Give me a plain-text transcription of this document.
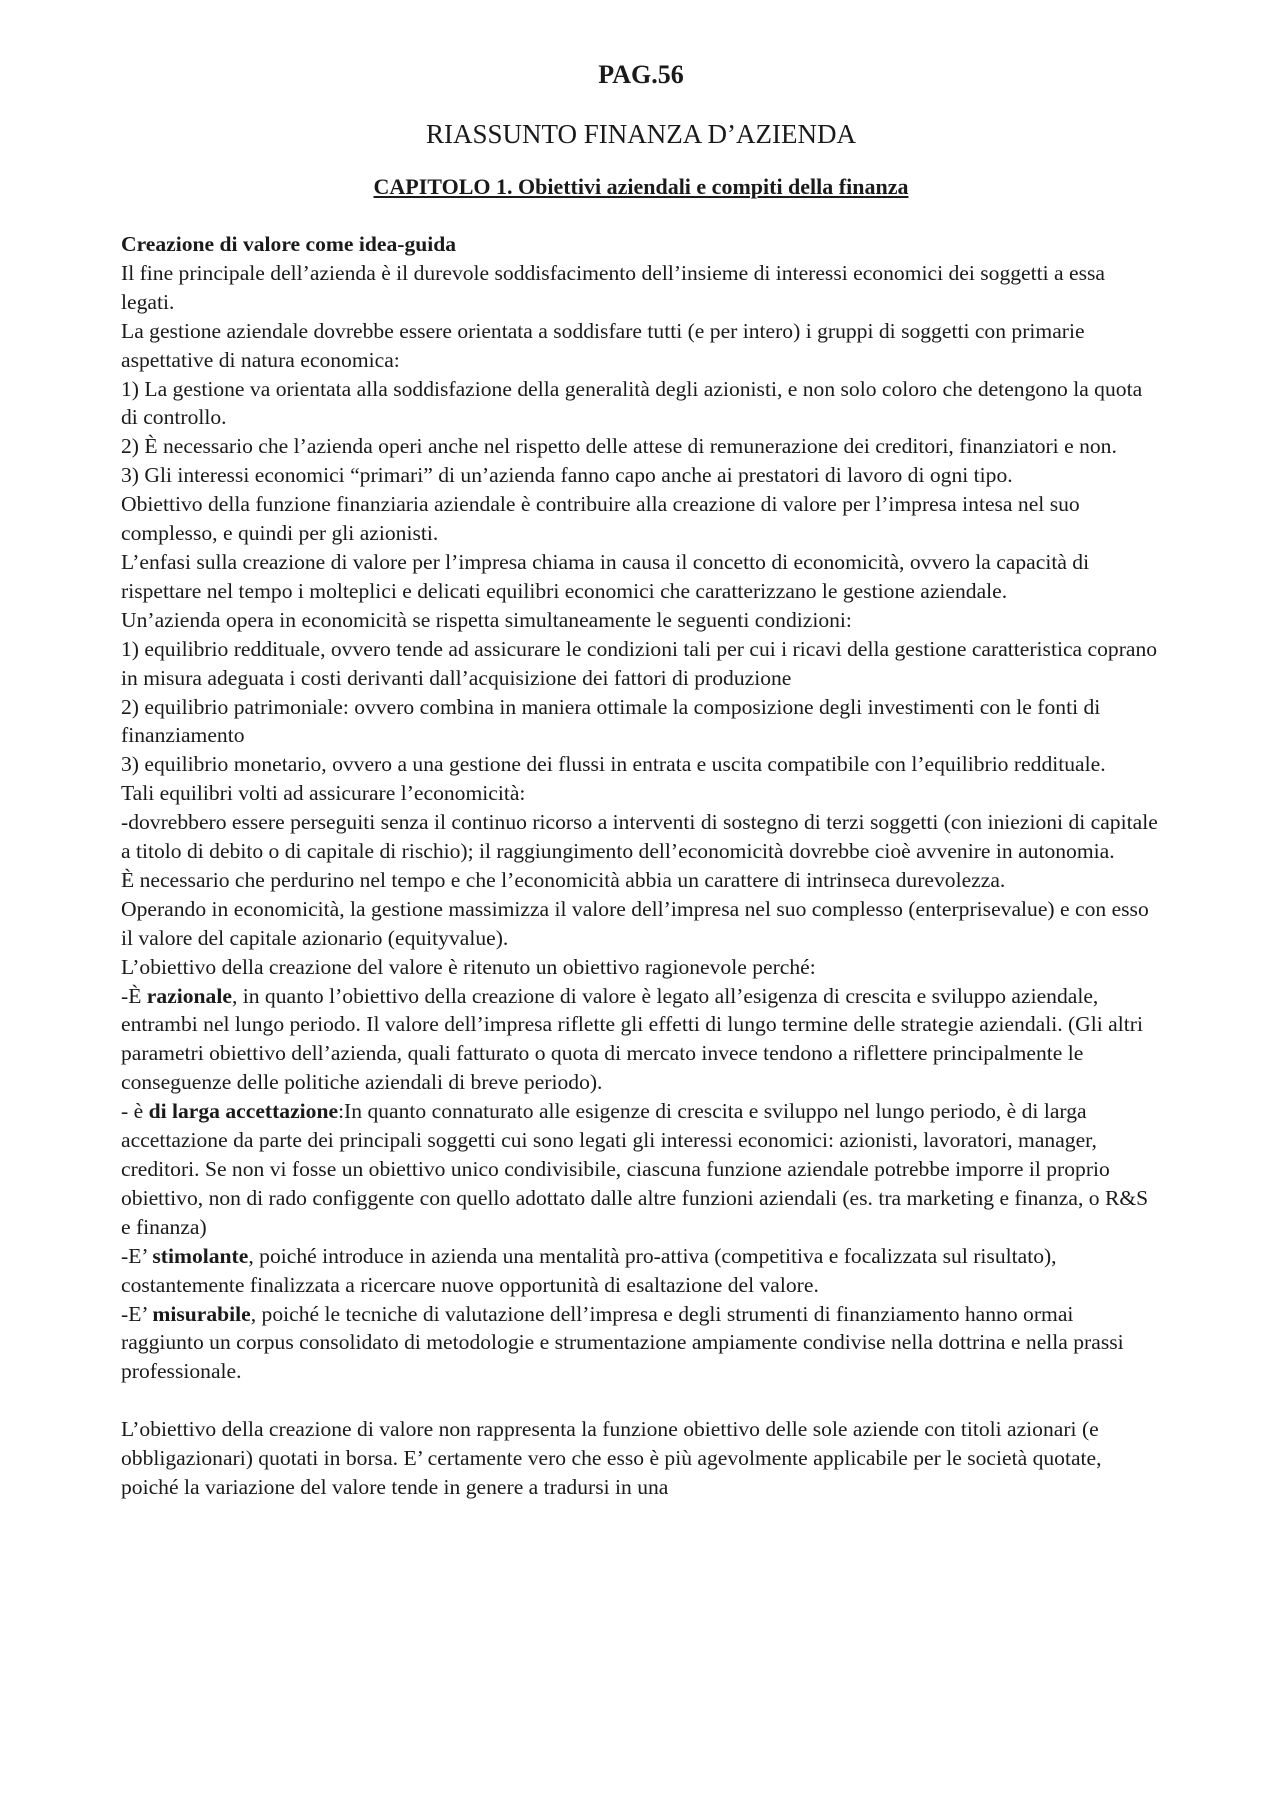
PAG.56
RIASSUNTO FINANZA D’AZIENDA
CAPITOLO 1. Obiettivi aziendali e compiti della finanza

Creazione di valore come idea-guida

Il fine principale dell’azienda è il durevole soddisfacimento dell’insieme di interessi economici dei soggetti a essa legati.

La gestione aziendale dovrebbe essere orientata a soddisfare tutti (e per intero) i gruppi di soggetti con primarie aspettative di natura economica:

1) La gestione va orientata alla soddisfazione della generalità degli azionisti, e non solo coloro che detengono la quota di controllo.

2) È necessario che l’azienda operi anche nel rispetto delle attese di remunerazione dei creditori, finanziatori e non.

3) Gli interessi economici “primari” di un’azienda fanno capo anche ai prestatori di lavoro di ogni tipo.

Obiettivo della funzione finanziaria aziendale è contribuire alla creazione di valore per l’impresa intesa nel suo complesso, e quindi per gli azionisti.

L’enfasi sulla creazione di valore per l’impresa chiama in causa il concetto di economicità, ovvero la capacità di rispettare nel tempo i molteplici e delicati equilibri economici che caratterizzano le gestione aziendale.

Un’azienda opera in economicità se rispetta simultaneamente le seguenti condizioni:

1) equilibrio reddituale, ovvero tende ad assicurare le condizioni tali per cui i ricavi della gestione caratteristica coprano in misura adeguata i costi derivanti dall’acquisizione dei fattori di produzione

2) equilibrio patrimoniale: ovvero combina in maniera ottimale la composizione degli investimenti con le fonti di finanziamento

3) equilibrio monetario, ovvero a una gestione dei flussi in entrata e uscita compatibile con l’equilibrio reddituale.

Tali equilibri volti ad assicurare l’economicità:

-dovrebbero essere perseguiti senza il continuo ricorso a interventi di sostegno di terzi soggetti (con iniezioni di capitale a titolo di debito o di capitale di rischio); il raggiungimento dell’economicità dovrebbe cioè avvenire in autonomia.

È necessario che perdurino nel tempo e che l’economicità abbia un carattere di intrinseca durevolezza.

Operando in economicità, la gestione massimizza il valore dell’impresa nel suo complesso (enterprisevalue) e con esso il valore del capitale azionario (equityvalue).

L’obiettivo della creazione del valore è ritenuto un obiettivo ragionevole perché:

-È razionale, in quanto l’obiettivo della creazione di valore è legato all’esigenza di crescita e sviluppo aziendale, entrambi nel lungo periodo. Il valore dell’impresa riflette gli effetti di lungo termine delle strategie aziendali. (Gli altri parametri obiettivo dell’azienda, quali fatturato o quota di mercato invece tendono a riflettere principalmente le conseguenze delle politiche aziendali di breve periodo).

- è di larga accettazione:In quanto connaturato alle esigenze di crescita e sviluppo nel lungo periodo, è di larga accettazione da parte dei principali soggetti cui sono legati gli interessi economici: azionisti, lavoratori, manager, creditori. Se non vi fosse un obiettivo unico condivisibile, ciascuna funzione aziendale potrebbe imporre il proprio obiettivo, non di rado configgente con quello adottato dalle altre funzioni aziendali (es. tra marketing e finanza, o R&S e finanza)

-E’ stimolante, poiché introduce in azienda una mentalità pro-attiva (competitiva e focalizzata sul risultato), costantemente finalizzata a ricercare nuove opportunità di esaltazione del valore.

-E’ misurabile, poiché le tecniche di valutazione dell’impresa e degli strumenti di finanziamento hanno ormai raggiunto un corpus consolidato di metodologie e strumentazione ampiamente condivise nella dottrina e nella prassi professionale.

L’obiettivo della creazione di valore non rappresenta la funzione obiettivo delle sole aziende con titoli azionari (e obbligazionari) quotati in borsa. E’ certamente vero che esso è più agevolmente applicabile per le società quotate, poiché la variazione del valore tende in genere a tradursi in una
